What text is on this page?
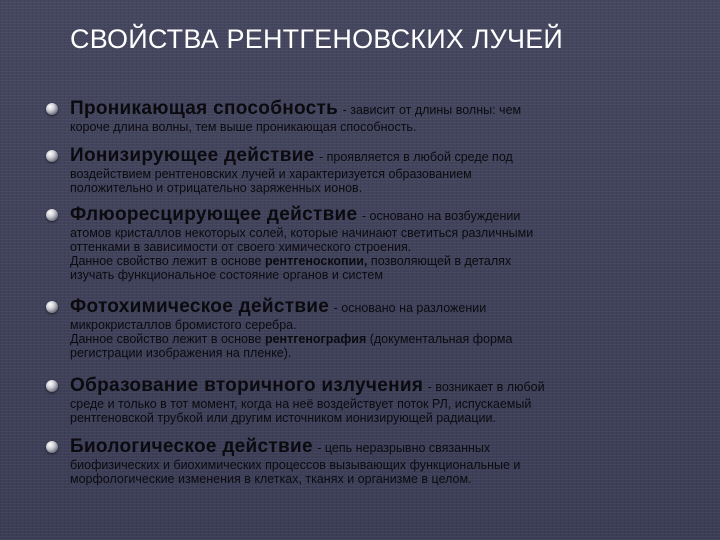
СВОЙСТВА РЕНТГЕНОВСКИХ ЛУЧЕЙ
Проникающая способность - зависит от длины волны: чем
короче длина волны, тем выше проникающая способность.
Ионизирующее действие - проявляется в любой среде под
воздействием рентгеновских лучей и характеризуется образованием
положительно и отрицательно заряженных ионов.
Флюоресцирующее действие - основано на возбуждении
атомов кристаллов некоторых солей, которые начинают светиться различными
оттенками в зависимости от своего химического строения.
Данное свойство лежит в основе рентгеноскопии, позволяющей в деталях
изучать функциональное состояние органов и систем
Фотохимическое действие - основано на разложении
микрокристаллов бромистого серебра.
Данное свойство лежит в основе рентгенография (документальная форма
регистрации изображения на пленке).
Образование вторичного излучения - возникает в любой
среде и только в тот момент, когда на неё воздействует поток РЛ, испускаемый
рентгеновской трубкой или другим источником ионизирующей радиации.
Биологическое действие - цепь неразрывно связанных
биофизических и биохимических процессов вызывающих функциональные и
морфологические изменения в клетках, тканях и организме в целом.
